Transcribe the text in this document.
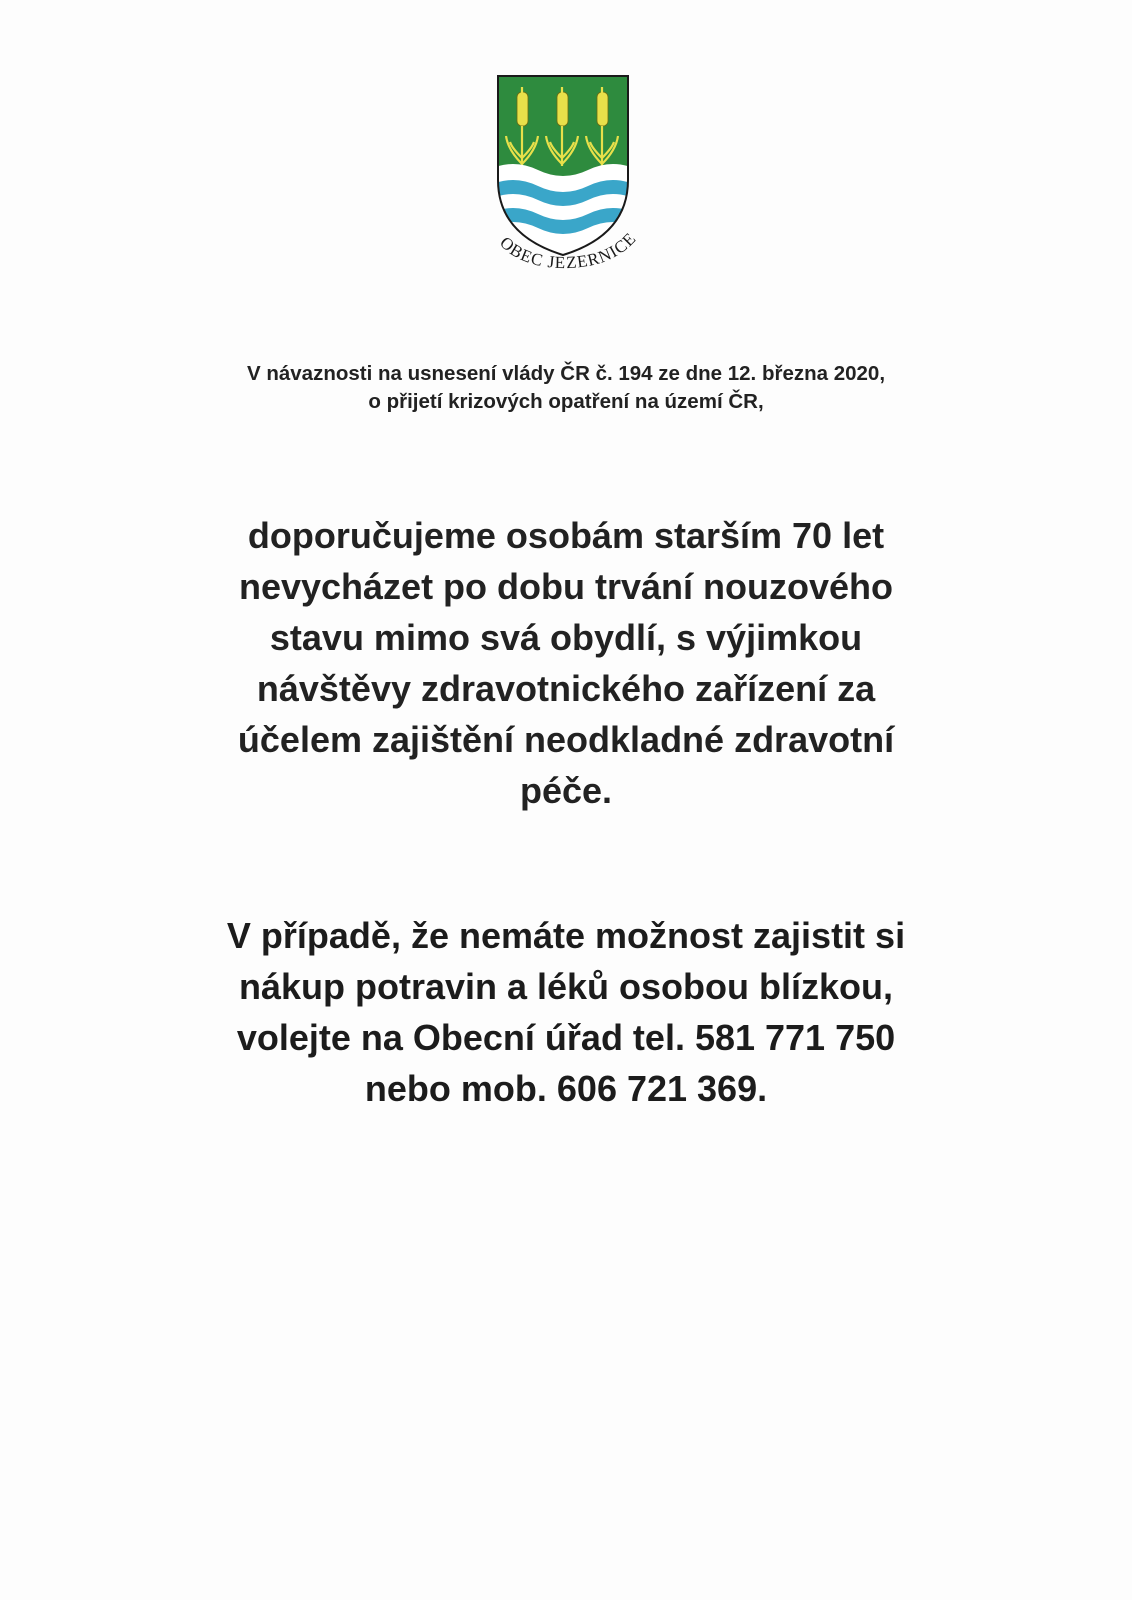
OBEC JEZERNICE
V návaznosti na usnesení vlády ČR č. 194 ze dne 12. března 2020,
o přijetí krizových opatření na území ČR,
doporučujeme osobám starším 70 let
nevycházet po dobu trvání nouzového
stavu mimo svá obydlí, s výjimkou
návštěvy zdravotnického zařízení za
účelem zajištění neodkladné zdravotní
péče.
V případě, že nemáte možnost zajistit si
nákup potravin a léků osobou blízkou,
volejte na Obecní úřad tel. 581 771 750
nebo mob. 606 721 369.
